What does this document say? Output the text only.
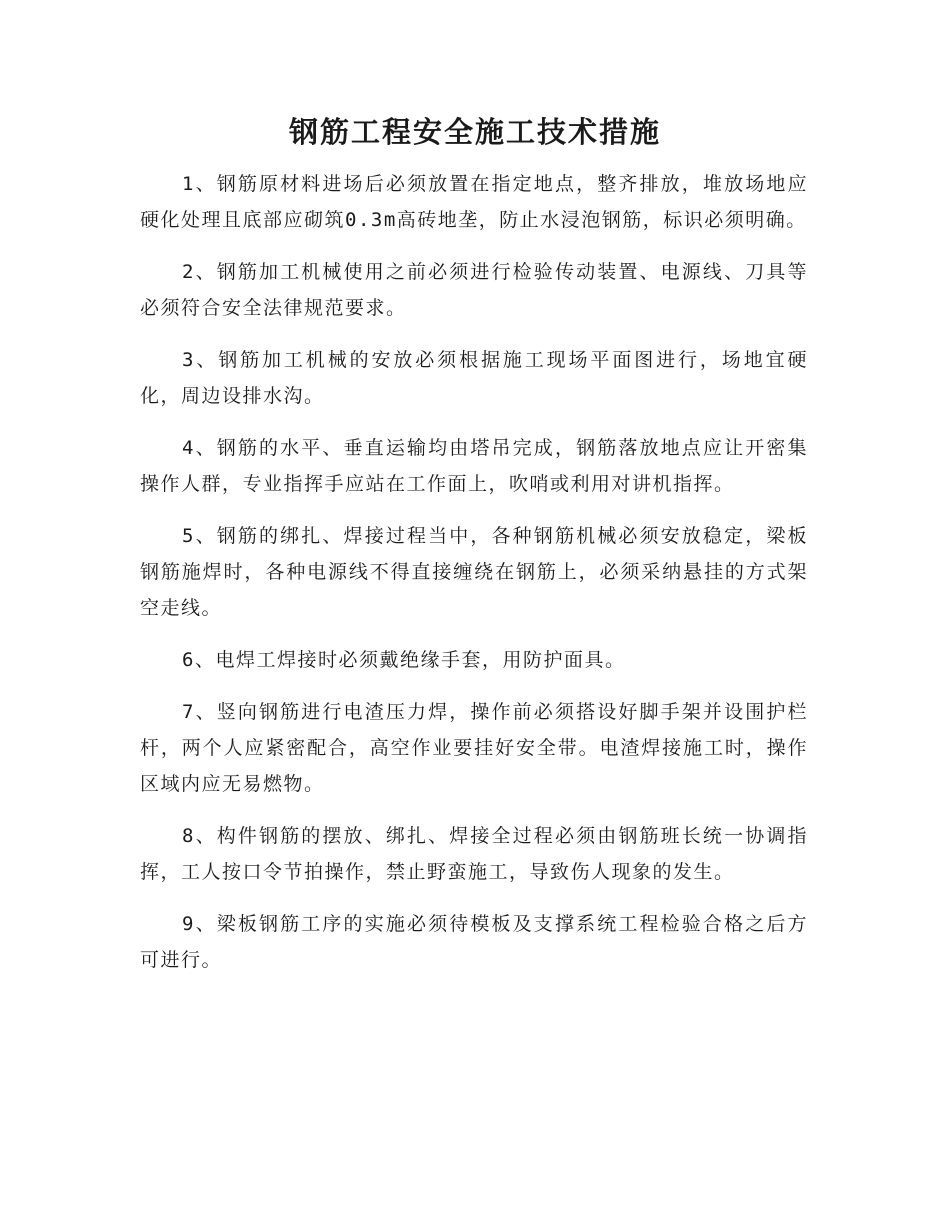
钢筋工程安全施工技术措施

1、钢筋原材料进场后必须放置在指定地点，整齐排放，堆放场地应硬化处理且底部应砌筑0.3m高砖地垄，防止水浸泡钢筋，标识必须明确。

2、钢筋加工机械使用之前必须进行检验传动装置、电源线、刀具等必须符合安全法律规范要求。

3、钢筋加工机械的安放必须根据施工现场平面图进行，场地宜硬化，周边设排水沟。

4、钢筋的水平、垂直运输均由塔吊完成，钢筋落放地点应让开密集操作人群，专业指挥手应站在工作面上，吹哨或利用对讲机指挥。

5、钢筋的绑扎、焊接过程当中，各种钢筋机械必须安放稳定，梁板钢筋施焊时，各种电源线不得直接缠绕在钢筋上，必须采纳悬挂的方式架空走线。

6、电焊工焊接时必须戴绝缘手套，用防护面具。

7、竖向钢筋进行电渣压力焊，操作前必须搭设好脚手架并设围护栏杆，两个人应紧密配合，高空作业要挂好安全带。电渣焊接施工时，操作区域内应无易燃物。

8、构件钢筋的摆放、绑扎、焊接全过程必须由钢筋班长统一协调指挥，工人按口令节拍操作，禁止野蛮施工，导致伤人现象的发生。

9、梁板钢筋工序的实施必须待模板及支撑系统工程检验合格之后方可进行。
